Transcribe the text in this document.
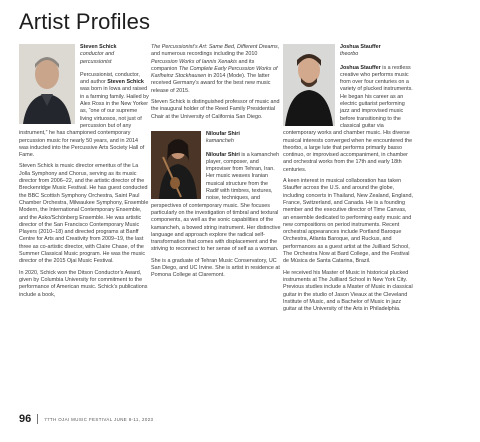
Artist Profiles
Steven Schick
conductor and
percussionist

Percussionist, conductor, and author Steven Schick was born in Iowa and raised in a farming family. Hailed by Alex Ross in the New Yorker as, “one of our supreme living virtuosos, not just of percussion but of any instrument,” he has championed contemporary percussion music for nearly 50 years, and in 2014 was inducted into the Percussive Arts Society Hall of Fame.

Steven Schick is music director emeritus of the La Jolla Symphony and Chorus, serving as its music director from 2006–22, and the artistic director of the Breckenridge Music Festival. He has guest conducted the BBC Scottish Symphony Orchestra, Saint Paul Chamber Orchestra, Milwaukee Symphony, Ensemble Modern, the International Contemporary Ensemble, and the Asko/Schönberg Ensemble. He was artistic director of the San Francisco Contemporary Music Players (2010–18) and directed programs at Banff Centre for Arts and Creativity from 2009–19, the last three as co-artistic director, with Claire Chase, of the Summer Classical Music program. He was the music director of the 2015 Ojai Music Festival.

In 2020, Schick won the Ditson Conductor’s Award, given by Columbia University for commitment to the performance of American music. Schick’s publications include a book,

The Percussionist’s Art: Same Bed, Different Dreams, and numerous recordings including the 2010 Percussion Works of Iannis Xenakis and its companion The Complete Early Percussion Works of Karlheinz Stockhausen in 2014 (Mode). The latter received Germany’s award for the best new music release of 2015.

Steven Schick is distinguished professor of music and the inaugural holder of the Reed Family Presidential Chair at the University of California San Diego.

Niloufar Shiri
kamancheh

Niloufar Shiri is a kamancheh player, composer, and improviser from Tehran, Iran. Her music weaves Iranian musical structure from the Radif with timbres, textures, noise, techniques, and perspectives of contemporary music. She focuses particularly on the investigation of timbral and textural components, as well as the sonic capabilities of the kamancheh, a bowed string instrument. Her distinctive language and approach explore the radical self-transformation that comes with displacement and the striving to reconnect to her sense of self as a woman.

She is a graduate of Tehran Music Conservatory, UC San Diego, and UC Irvine. She is artist in residence at Pomona College at Claremont.

Joshua Stauffer
theorbo

Joshua Stauffer is a restless creative who performs music from over four centuries on a variety of plucked instruments. He began his career as an electric guitarist performing jazz and improvised music before transitioning to the classical guitar via contemporary works and chamber music. His diverse musical interests converged when he encountered the theorbo, a large lute that performs primarily basso continuo, or improvised accompaniment, in chamber and orchestral works from the 17th and early 18th centuries.

A keen interest in musical collaboration has taken Stauffer across the U.S. and around the globe, including concerts in Thailand, New Zealand, England, France, Switzerland, and Canada. He is a founding member and the executive director of Time Canvas, an ensemble dedicated to performing early music and new compositions on period instruments. Recent orchestral appearances include Portland Baroque Orchestra, Atlanta Baroque, and Ruckus, and performances as a guest artist at the Juilliard School, The Orchestra Now at Bard College, and the Festival de Música de Santa Catarina, Brazil.

He received his Master of Music in historical plucked instruments at The Juilliard School in New York City. Previous studies include a Master of Music in classical guitar in the studio of Jason Vieaux at the Cleveland Institute of Music, and a Bachelor of Music in jazz guitar at the University of the Arts in Philadelphia.

96	77TH OJAI MUSIC FESTIVAL JUNE 8-11, 2023
